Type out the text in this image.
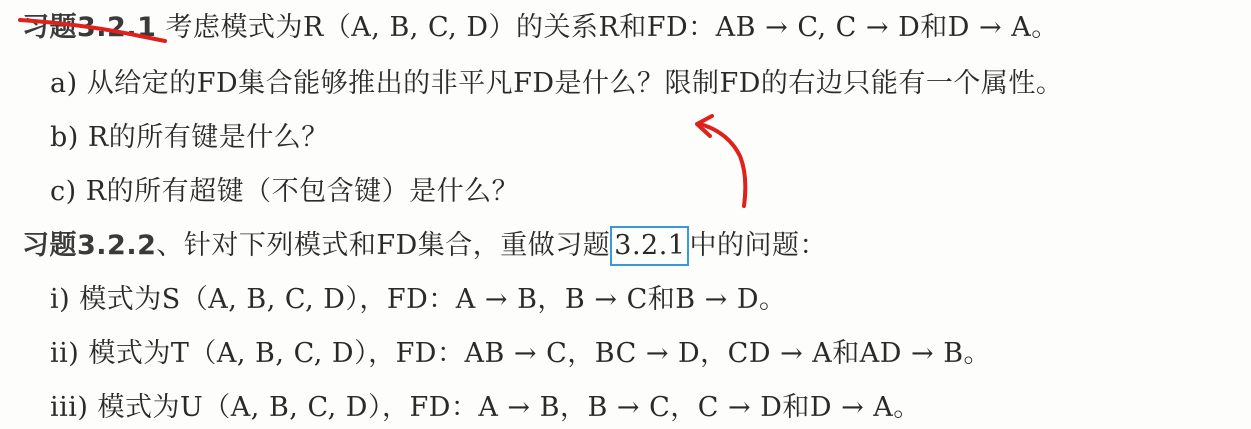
习题3.2.1 考虑模式为R（A, B, C, D）的关系R和FD：AB → C, C → D和D → A。
a) 从给定的FD集合能够推出的非平凡FD是什么？限制FD的右边只能有一个属性。
b) R的所有键是什么？
c) R的所有超键（不包含键）是什么？
习题3.2.2、针对下列模式和FD集合，重做习题 3.2.1 中的问题：
i) 模式为S（A, B, C, D），FD：A → B，B → C和B → D。
ii) 模式为T（A, B, C, D），FD：AB → C，BC → D，CD → A和AD → B。
iii) 模式为U（A, B, C, D），FD：A → B，B → C，C → D和D → A。
